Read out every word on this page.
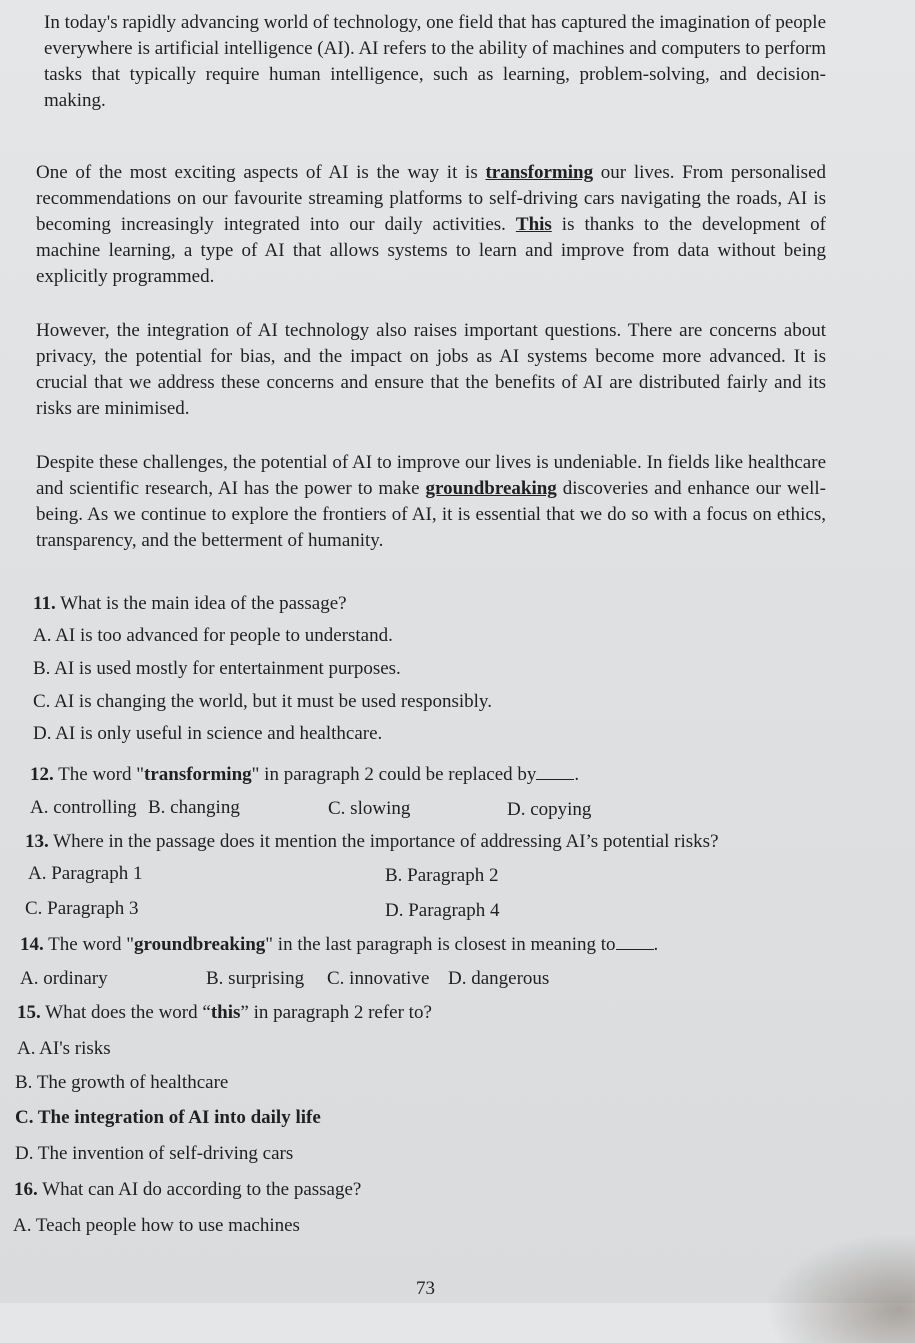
In today's rapidly advancing world of technology, one field that has captured the imagination of people everywhere is artificial intelligence (AI). AI refers to the ability of machines and computers to perform tasks that typically require human intelligence, such as learning, problem-solving, and decision-making.

One of the most exciting aspects of AI is the way it is transforming our lives. From personalised recommendations on our favourite streaming platforms to self-driving cars navigating the roads, AI is becoming increasingly integrated into our daily activities. This is thanks to the development of machine learning, a type of AI that allows systems to learn and improve from data without being explicitly programmed.

However, the integration of AI technology also raises important questions. There are concerns about privacy, the potential for bias, and the impact on jobs as AI systems become more advanced. It is crucial that we address these concerns and ensure that the benefits of AI are distributed fairly and its risks are minimised.

Despite these challenges, the potential of AI to improve our lives is undeniable. In fields like healthcare and scientific research, AI has the power to make groundbreaking discoveries and enhance our well-being. As we continue to explore the frontiers of AI, it is essential that we do so with a focus on ethics, transparency, and the betterment of humanity.

11. What is the main idea of the passage?

A. AI is too advanced for people to understand.

B. AI is used mostly for entertainment purposes.

C. AI is changing the world, but it must be used responsibly.

D. AI is only useful in science and healthcare.

12. The word "transforming" in paragraph 2 could be replaced by .

A. controlling B. changing	C. slowing	D. copying

13. Where in the passage does it mention the importance of addressing AI’s potential risks?

A. Paragraph 1	B. Paragraph 2

C. Paragraph 3	D. Paragraph 4

14. The word "groundbreaking" in the last paragraph is closest in meaning to .

A. ordinary	B. surprising C. innovative D. dangerous

15. What does the word “this” in paragraph 2 refer to?

A. AI's risks

B. The growth of healthcare

C. The integration of AI into daily life

D. The invention of self-driving cars

16. What can AI do according to the passage?

A. Teach people how to use machines

73
